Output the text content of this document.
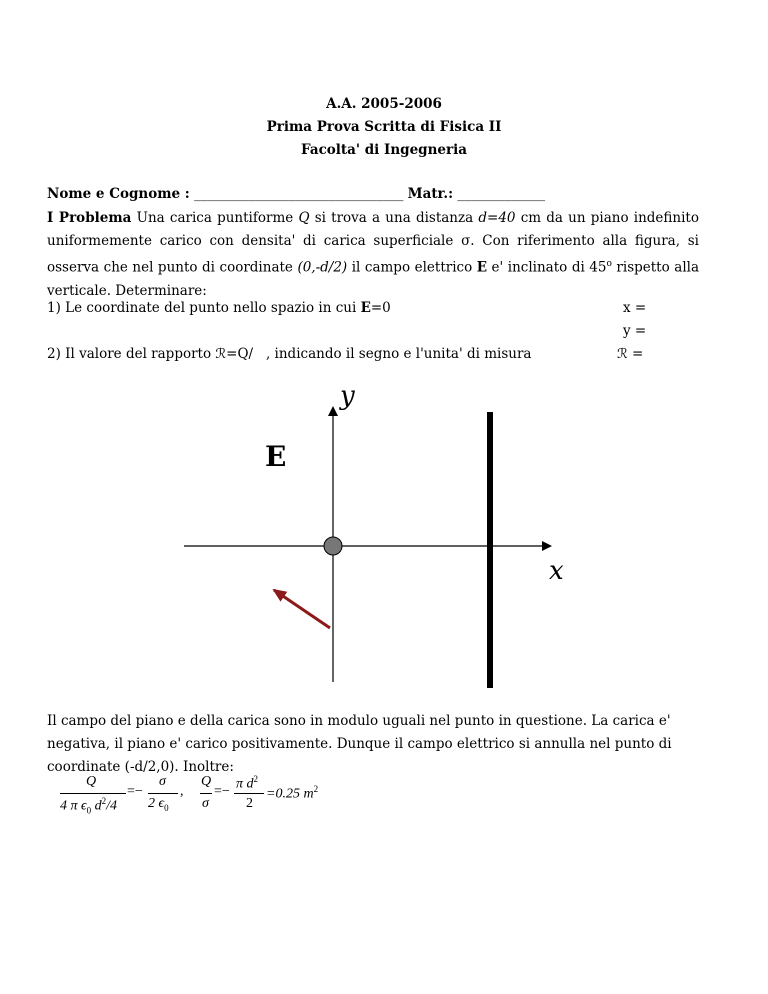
A.A. 2005-2006
Prima Prova Scritta di Fisica II
Facolta' di Ingegneria
Nome e Cognome : _______________________________ Matr.: _____________
I Problema Una carica puntiforme Q si trova a una distanza d=40 cm da un piano indefinito uniformemente carico con densita' di carica superficiale σ. Con riferimento alla figura, si osserva che nel punto di coordinate (0,-d/2) il campo elettrico E e' inclinato di 45$^o$ rispetto alla verticale. Determinare:
1) Le coordinate del punto nello spazio in cui E=0	x =
y =
2) Il valore del rapporto ℛ=Q/   , indicando il segno e l'unita' di misura	ℛ =
y
x
E
Il campo del piano e della carica sono in modulo uguali nel punto in questione. La carica e' negativa, il piano e' carico positivamente. Dunque il campo elettrico si annulla nel punto di coordinate (-d/2,0). Inoltre:
Q
4 π $\epsilon_0$ $d^2/4$
=−
σ
2 $\epsilon_0$
,
Q
σ
=− π $d^2$
2
=0.25 $m^2$
